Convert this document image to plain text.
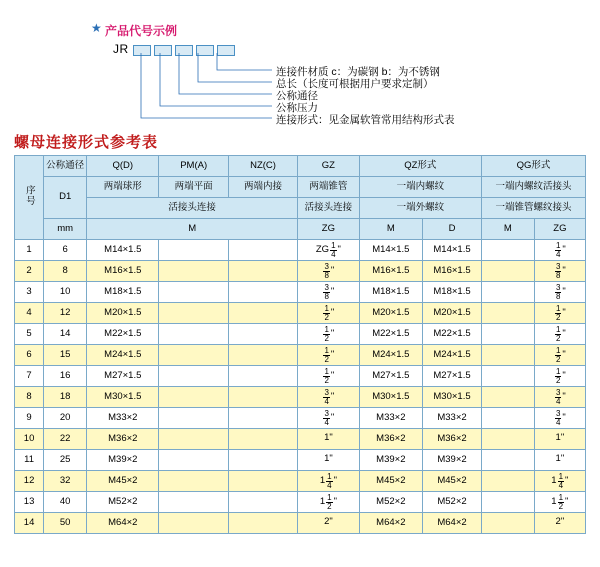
★ 产品代号示例
JR
连接件材质 c：为碳钢 b：为不锈钢
总长（长度可根据用户要求定制）
公称通径
公称压力
连接形式：见金属软管常用结构形式表
螺母连接形式参考表
序号	公称通径	Q(D)	PM(A)	NZ(C)	GZ	QZ形式		QG形式	
	D1	两端球形	两端平面	两端内接	两端锥管	一端内螺纹		一端内螺纹活接头	
		活接头连接			活接头连接	一端外螺纹		一端锥管螺纹接头	
	mm	M			ZG	M	D	M	ZG
1	6	M14×1.5			ZG $\frac{1}{4}$ "	M14×1.5	M14×1.5		$\frac{1}{4}$ "
2	8	M16×1.5			$\frac{3}{8}$ "	M16×1.5	M16×1.5		$\frac{3}{8}$ "
3	10	M18×1.5			$\frac{3}{8}$ "	M18×1.5	M18×1.5		$\frac{3}{8}$ "
4	12	M20×1.5			$\frac{1}{2}$ "	M20×1.5	M20×1.5		$\frac{1}{2}$ "
5	14	M22×1.5			$\frac{1}{2}$ "	M22×1.5	M22×1.5		$\frac{1}{2}$ "
6	15	M24×1.5			$\frac{1}{2}$ "	M24×1.5	M24×1.5		$\frac{1}{2}$ "
7	16	M27×1.5			$\frac{1}{2}$ "	M27×1.5	M27×1.5		$\frac{1}{2}$ "
8	18	M30×1.5			$\frac{3}{4}$ "	M30×1.5	M30×1.5		$\frac{3}{4}$ "
9	20	M33×2			$\frac{3}{4}$ "	M33×2	M33×2		$\frac{3}{4}$ "
10	22	M36×2			1"	M36×2	M36×2		1"
11	25	M39×2			1"	M39×2	M39×2		1"
12	32	M45×2			$1 \frac{1}{4}$ "	M45×2	M45×2		$1 \frac{1}{4}$ "
13	40	M52×2			$1 \frac{1}{2}$ "	M52×2	M52×2		$1 \frac{1}{2}$ "
14	50	M64×2			2"	M64×2	M64×2		2"
